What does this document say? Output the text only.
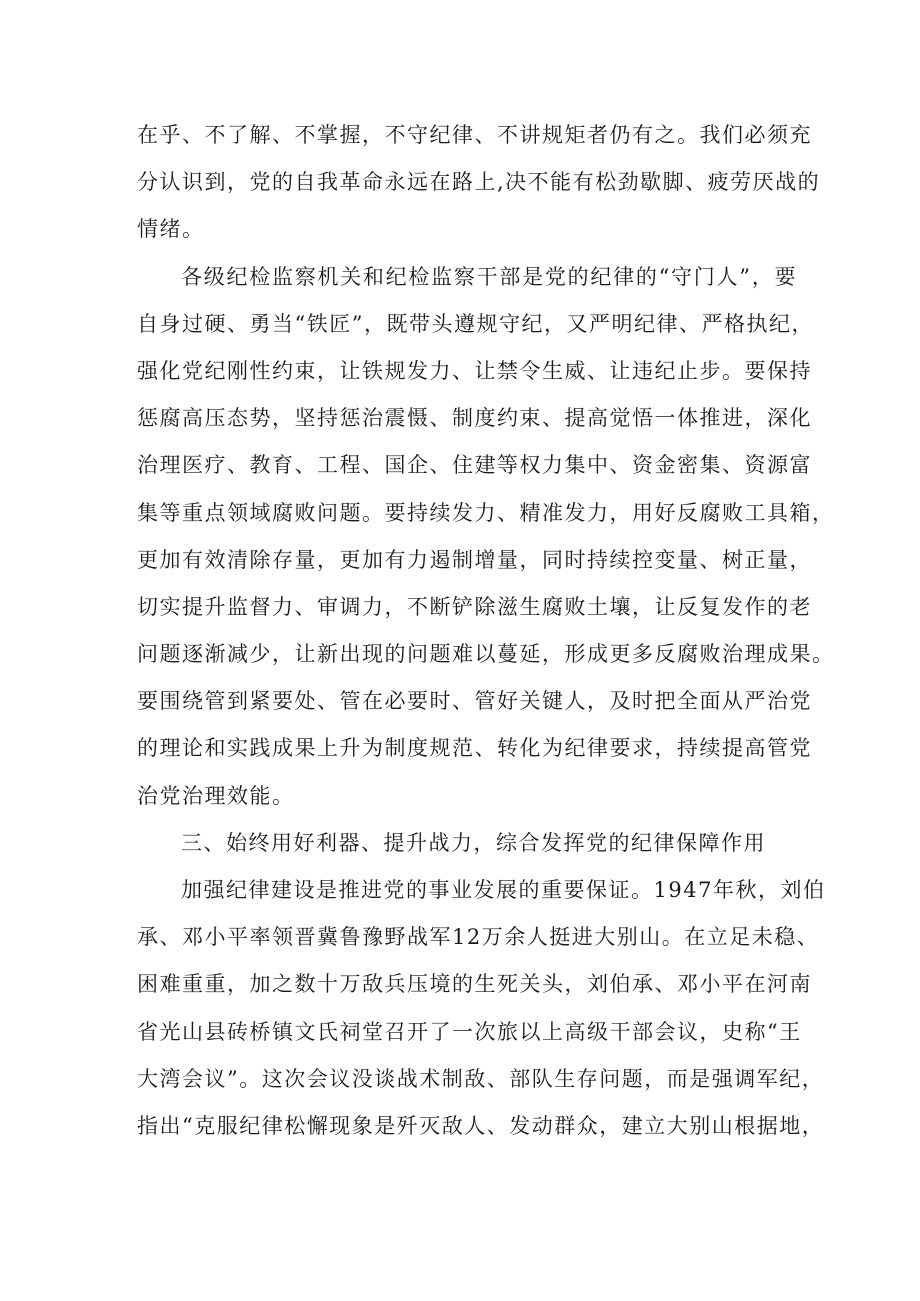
在乎、不了解、不掌握，不守纪律、不讲规矩者仍有之。我们必须充
分认识到，党的自我革命永远在路上,决不能有松劲歇脚、疲劳厌战的
情绪。
各级纪检监察机关和纪检监察干部是党的纪律的“守门人”，要
自身过硬、勇当“铁匠”，既带头遵规守纪，又严明纪律、严格执纪，
强化党纪刚性约束，让铁规发力、让禁令生威、让违纪止步。要保持
惩腐高压态势，坚持惩治震慑、制度约束、提高觉悟一体推进，深化
治理医疗、教育、工程、国企、住建等权力集中、资金密集、资源富
集等重点领域腐败问题。要持续发力、精准发力，用好反腐败工具箱，
更加有效清除存量，更加有力遏制增量，同时持续控变量、树正量，
切实提升监督力、审调力，不断铲除滋生腐败土壤，让反复发作的老
问题逐渐减少，让新出现的问题难以蔓延，形成更多反腐败治理成果。
要围绕管到紧要处、管在必要时、管好关键人，及时把全面从严治党
的理论和实践成果上升为制度规范、转化为纪律要求，持续提高管党
治党治理效能。
三、始终用好利器、提升战力，综合发挥党的纪律保障作用
加强纪律建设是推进党的事业发展的重要保证。1947年秋，刘伯
承、邓小平率领晋冀鲁豫野战军12万余人挺进大别山。在立足未稳、
困难重重，加之数十万敌兵压境的生死关头，刘伯承、邓小平在河南
省光山县砖桥镇文氏祠堂召开了一次旅以上高级干部会议，史称“王
大湾会议”。这次会议没谈战术制敌、部队生存问题，而是强调军纪，
指出“克服纪律松懈现象是歼灭敌人、发动群众，建立大别山根据地，
